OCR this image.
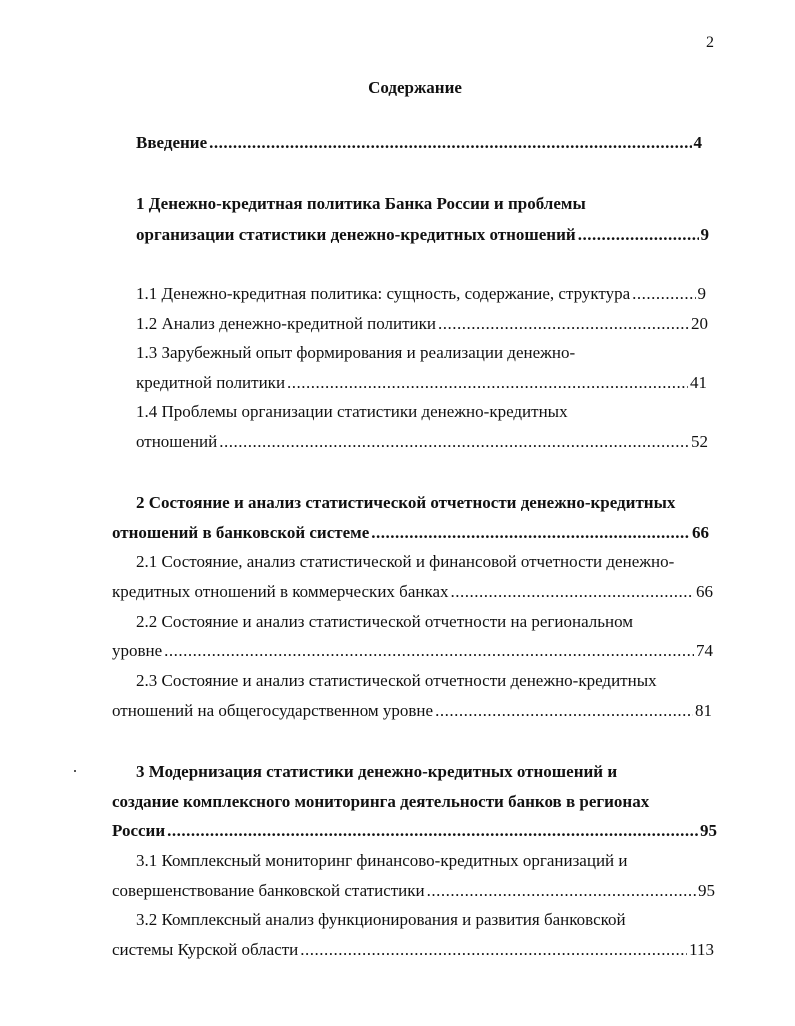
2
Содержание
Введение .....	4
1 Денежно-кредитная политика Банка России и проблемы
организации статистики денежно-кредитных отношений .....	9
1.1 Денежно-кредитная политика: сущность, содержание, структура .....	9
1.2 Анализ денежно-кредитной политики .....	20
1.3 Зарубежный опыт формирования и реализации денежно-
кредитной политики .....	41
1.4 Проблемы организации статистики денежно-кредитных
отношений .....	52
2 Состояние и анализ статистической отчетности денежно-кредитных
отношений в банковской системе .....	66
2.1 Состояние, анализ статистической и финансовой отчетности денежно-
кредитных отношений в коммерческих банках .....	66
2.2 Состояние и анализ статистической отчетности на региональном
уровне .....	74
2.3 Состояние и анализ статистической отчетности денежно-кредитных
отношений на общегосударственном уровне .....	81
3 Модернизация статистики денежно-кредитных отношений и
создание комплексного мониторинга деятельности банков в регионах
России .....	95
3.1 Комплексный мониторинг финансово-кредитных организаций и
совершенствование банковской статистики .....	95
3.2 Комплексный анализ функционирования и развития банковской
системы Курской области .....	113
